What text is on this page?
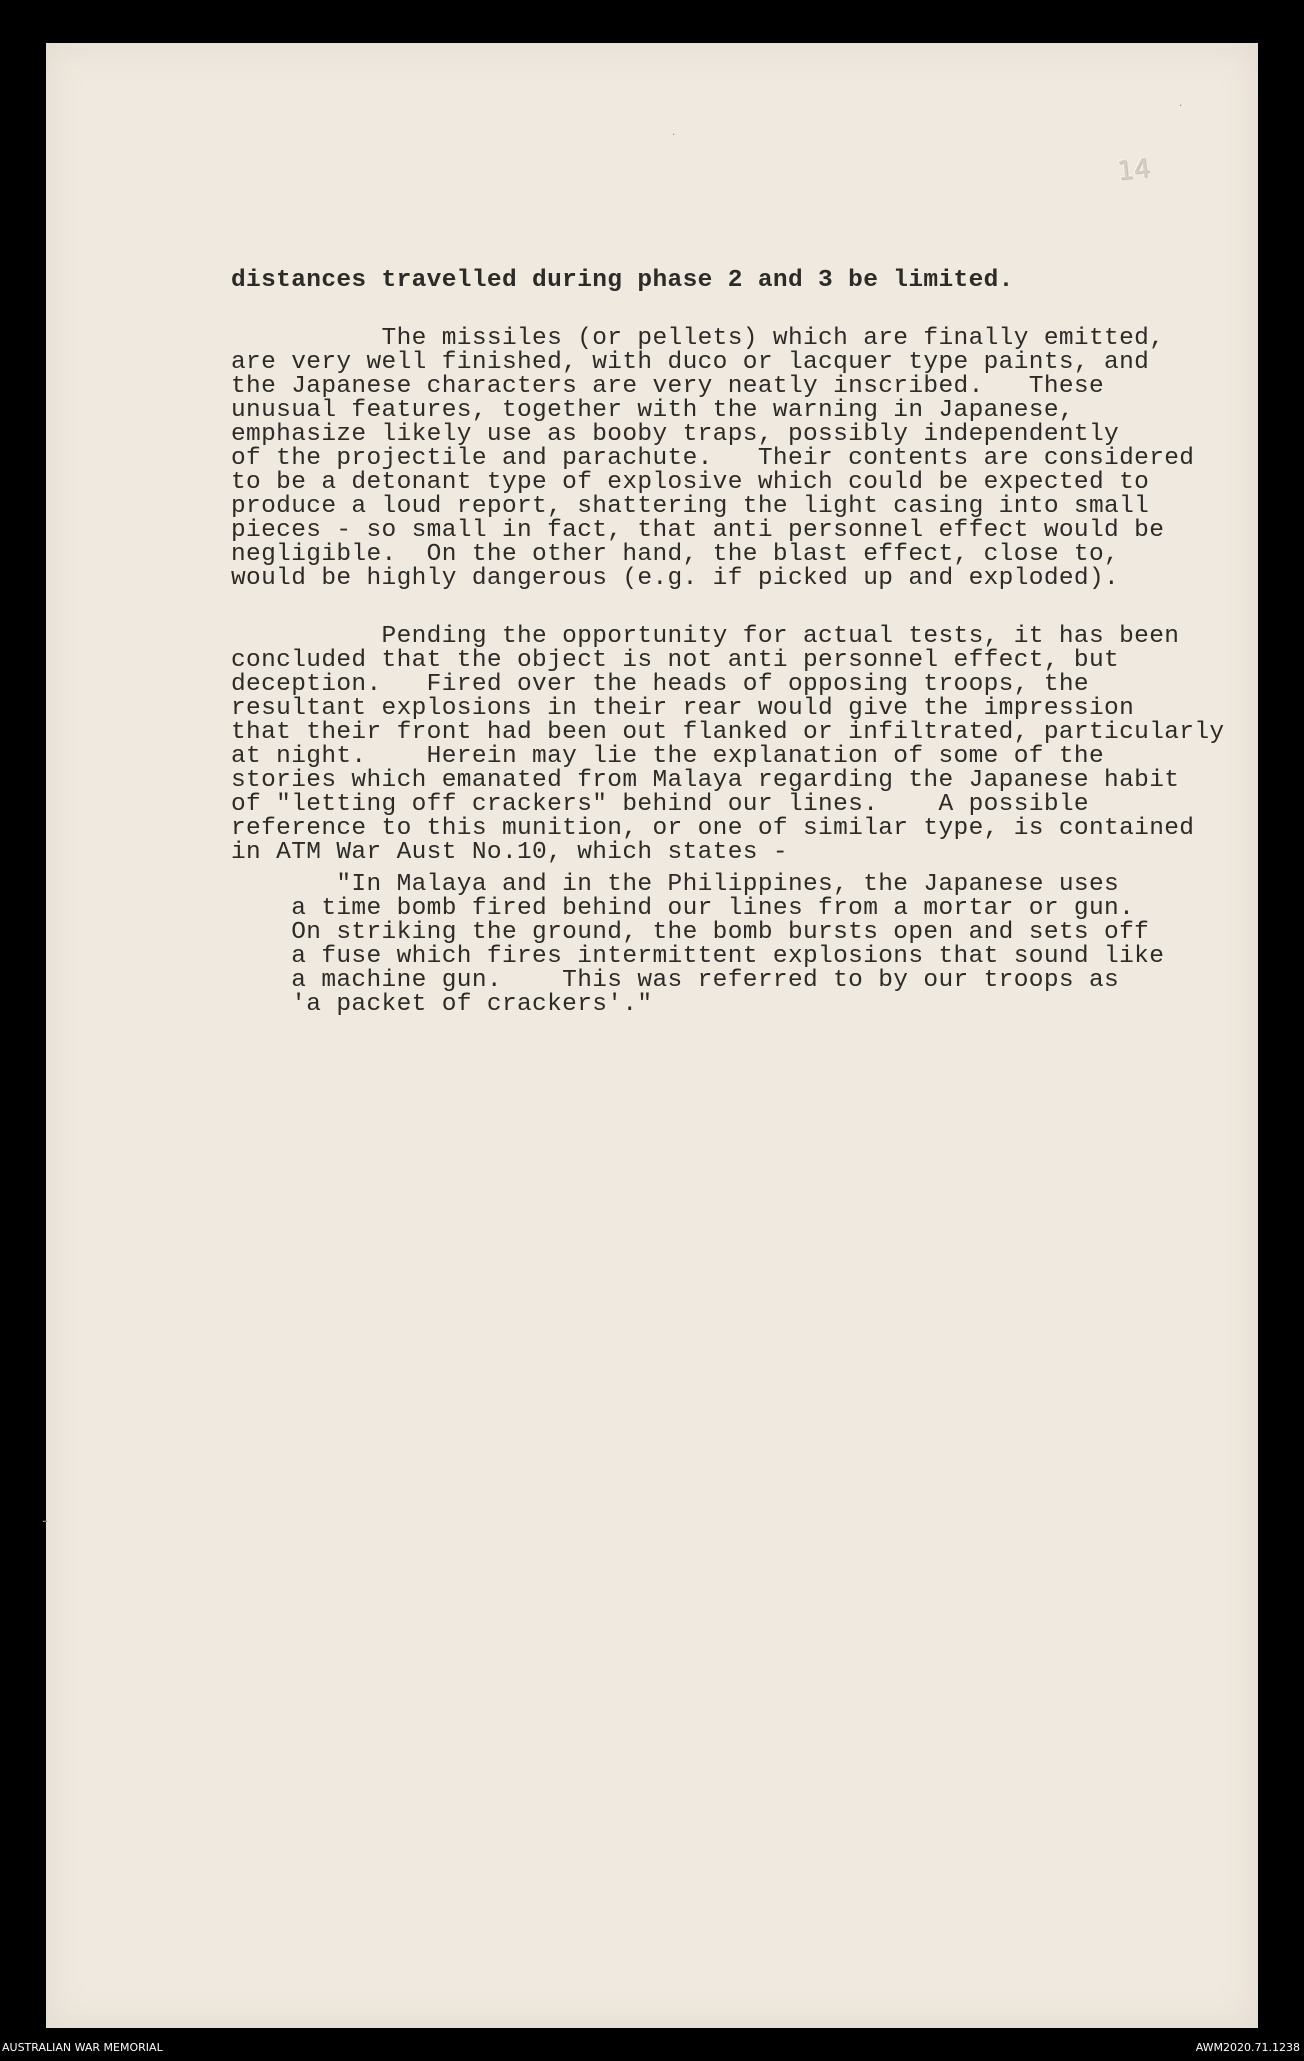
14
.
-
.
distances travelled during phase 2 and 3 be limited.
The missiles (or pellets) which are finally emitted,
are very well finished, with duco or lacquer type paints, and
the Japanese characters are very neatly inscribed.   These
unusual features, together with the warning in Japanese,
emphasize likely use as booby traps, possibly independently
of the projectile and parachute.   Their contents are considered
to be a detonant type of explosive which could be expected to
produce a loud report, shattering the light casing into small
pieces - so small in fact, that anti personnel effect would be
negligible.  On the other hand, the blast effect, close to,
would be highly dangerous (e.g. if picked up and exploded).
Pending the opportunity for actual tests, it has been
concluded that the object is not anti personnel effect, but
deception.   Fired over the heads of opposing troops, the
resultant explosions in their rear would give the impression
that their front had been out flanked or infiltrated, particularly
at night.    Herein may lie the explanation of some of the
stories which emanated from Malaya regarding the Japanese habit
of "letting off crackers" behind our lines.    A possible
reference to this munition, or one of similar type, is contained
in ATM War Aust No.10, which states -
"In Malaya and in the Philippines, the Japanese uses
a time bomb fired behind our lines from a mortar or gun.
On striking the ground, the bomb bursts open and sets off
a fuse which fires intermittent explosions that sound like
a machine gun.    This was referred to by our troops as
'a packet of crackers'."
AUSTRALIAN WAR MEMORIAL	AWM2020.71.1238
